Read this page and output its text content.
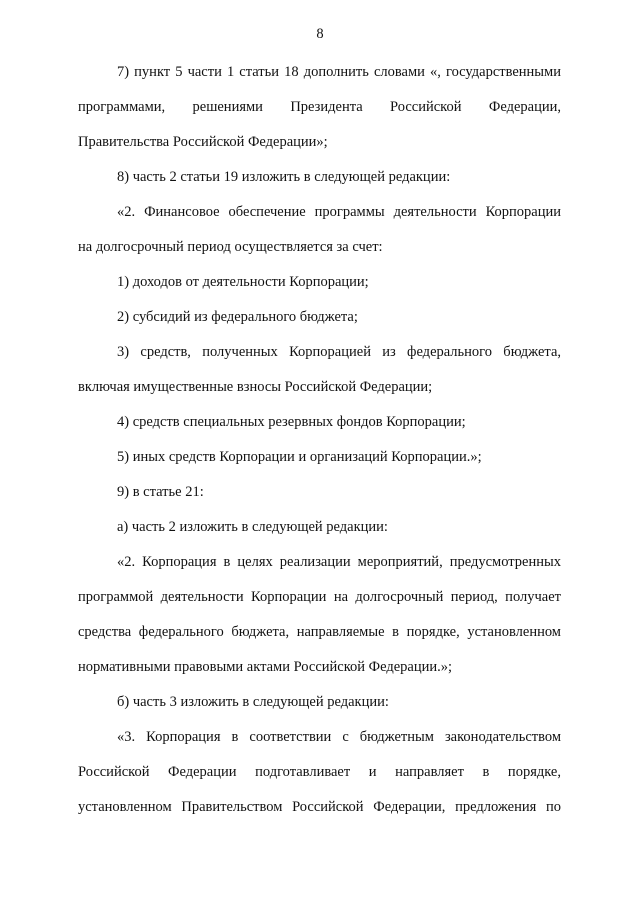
8
7) пункт 5 части 1 статьи 18 дополнить словами «, государственными
программами, решениями Президента Российской Федерации,
Правительства Российской Федерации»;
8) часть 2 статьи 19 изложить в следующей редакции:
«2. Финансовое обеспечение программы деятельности Корпорации
на долгосрочный период осуществляется за счет:
1) доходов от деятельности Корпорации;
2) субсидий из федерального бюджета;
3) средств, полученных Корпорацией из федерального бюджета,
включая имущественные взносы Российской Федерации;
4) средств специальных резервных фондов Корпорации;
5) иных средств Корпорации и организаций Корпорации.»;
9) в статье 21:
а) часть 2 изложить в следующей редакции:
«2. Корпорация в целях реализации мероприятий, предусмотренных
программой деятельности Корпорации на долгосрочный период, получает
средства федерального бюджета, направляемые в порядке, установленном
нормативными правовыми актами Российской Федерации.»;
б) часть 3 изложить в следующей редакции:
«3. Корпорация в соответствии с бюджетным законодательством
Российской Федерации подготавливает и направляет в порядке,
установленном Правительством Российской Федерации, предложения по
